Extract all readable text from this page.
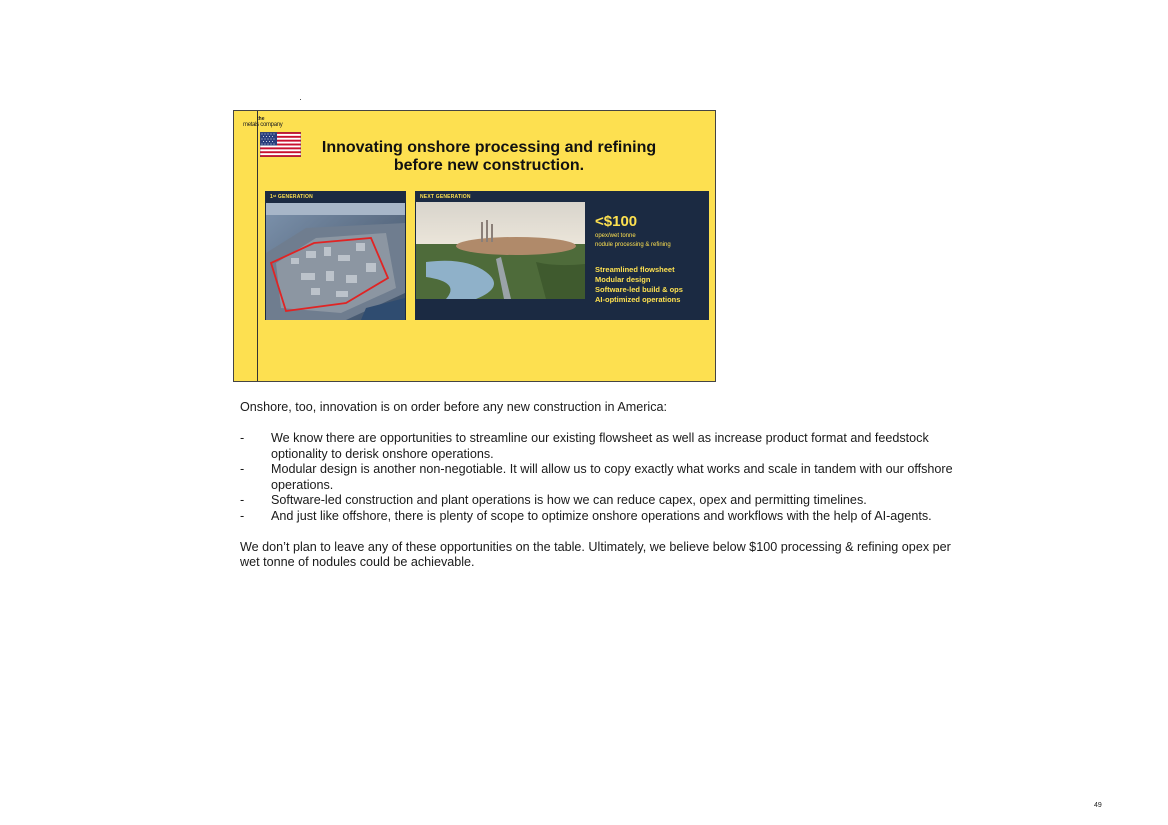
the
metals company
Innovating onshore processing and refining
before new construction.
1ˢᵗ GENERATION	NEXT GENERATION
<$100
opex/wet tonne
nodule processing & refining
Streamlined flowsheet
Modular design
Software-led build & ops
AI-optimized operations

Onshore, too, innovation is on order before any new construction in America:

- We know there are opportunities to streamline our existing flowsheet as well as increase product format and feedstock optionality to derisk onshore operations.
- Modular design is another non-negotiable. It will allow us to copy exactly what works and scale in tandem with our offshore operations.
- Software-led construction and plant operations is how we can reduce capex, opex and permitting timelines.
- And just like offshore, there is plenty of scope to optimize onshore operations and workflows with the help of AI-agents.

We don’t plan to leave any of these opportunities on the table. Ultimately, we believe below $100 processing & refining opex per wet tonne of nodules could be achievable.

49
